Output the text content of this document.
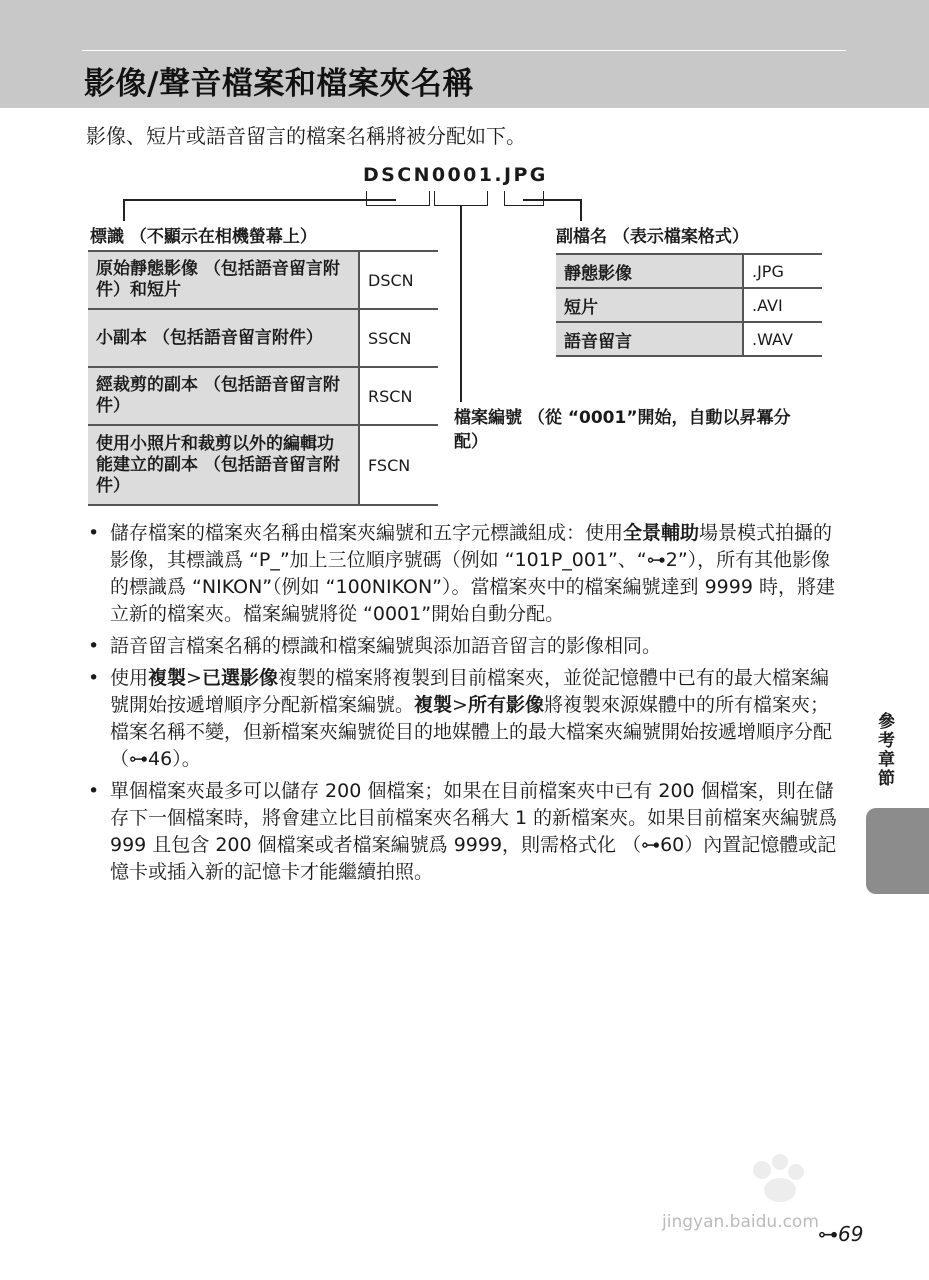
影像/聲音檔案和檔案夾名稱
影像、短片或語音留言的檔案名稱將被分配如下。
DSCN0001.JPG
標識 （不顯示在相機螢幕上）	副檔名 （表示檔案格式）
檔案編號 （從 “0001”開始，自動以昇冪分配）
原始靜態影像 （包括語音留言附件）和短片	DSCN
小副本 （包括語音留言附件）	SSCN
經裁剪的副本 （包括語音留言附件）	RSCN
使用小照片和裁剪以外的編輯功能建立的副本 （包括語音留言附件）	FSCN
靜態影像	.JPG
短片	.AVI
語音留言	.WAV
• 儲存檔案的檔案夾名稱由檔案夾編號和五字元標識組成：使用全景輔助場景模式拍攝的影像，其標識爲 “P_”加上三位順序號碼（例如 “101P_001”、“⊶2”），所有其他影像的標識爲 “NIKON”（例如 “100NIKON”）。當檔案夾中的檔案編號達到 9999 時，將建立新的檔案夾。檔案編號將從 “0001”開始自動分配。
• 語音留言檔案名稱的標識和檔案編號與添加語音留言的影像相同。
• 使用複製>已選影像複製的檔案將複製到目前檔案夾，並從記憶體中已有的最大檔案編號開始按遞增順序分配新檔案編號。複製>所有影像將複製來源媒體中的所有檔案夾；檔案名稱不變，但新檔案夾編號從目的地媒體上的最大檔案夾編號開始按遞增順序分配 （⊶46）。
• 單個檔案夾最多可以儲存 200 個檔案；如果在目前檔案夾中已有 200 個檔案，則在儲存下一個檔案時，將會建立比目前檔案夾名稱大 1 的新檔案夾。如果目前檔案夾編號爲 999 且包含 200 個檔案或者檔案編號爲 9999，則需格式化 （⊶60）內置記憶體或記憶卡或插入新的記憶卡才能繼續拍照。
參考章節
jingyan.baidu.com ⊶69
